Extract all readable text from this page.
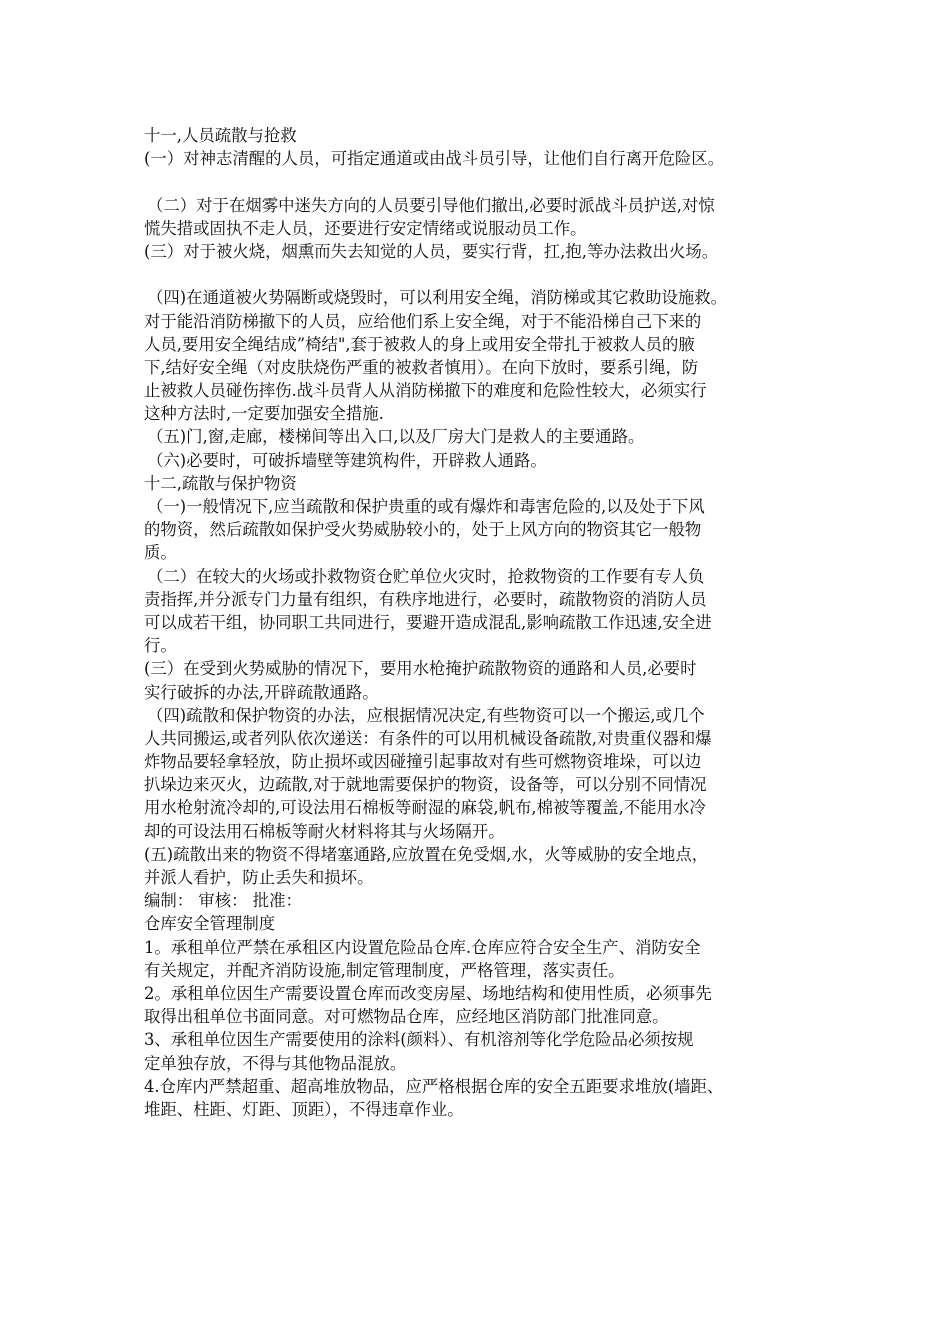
十一,人员疏散与抢救
(一）对神志清醒的人员，可指定通道或由战斗员引导，让他们自行离开危险区。
（二）对于在烟雾中迷失方向的人员要引导他们撤出,必要时派战斗员护送,对惊
慌失措或固执不走人员，还要进行安定情绪或说服动员工作。
(三）对于被火烧，烟熏而失去知觉的人员，要实行背，扛,抱,等办法救出火场。
（四)在通道被火势隔断或烧毁时，可以利用安全绳，消防梯或其它救助设施救。
对于能沿消防梯撤下的人员，应给他们系上安全绳，对于不能沿梯自己下来的
人员,要用安全绳结成”椅结",套于被救人的身上或用安全带扎于被救人员的腋
下,结好安全绳（对皮肤烧伤严重的被救者慎用）。在向下放时，要系引绳，防
止被救人员碰伤摔伤.战斗员背人从消防梯撤下的难度和危险性较大，必须实行
这种方法时,一定要加强安全措施.
（五)门,窗,走廊，楼梯间等出入口,以及厂房大门是救人的主要通路。
（六)必要时，可破拆墙壁等建筑构件，开辟救人通路。
十二,疏散与保护物资
（一)一般情况下,应当疏散和保护贵重的或有爆炸和毒害危险的,以及处于下风
的物资，然后疏散如保护受火势威胁较小的，处于上风方向的物资其它一般物
质。
（二）在较大的火场或扑救物资仓贮单位火灾时，抢救物资的工作要有专人负
责指挥,并分派专门力量有组织，有秩序地进行，必要时，疏散物资的消防人员
可以成若干组，协同职工共同进行，要避开造成混乱,影响疏散工作迅速,安全进
行。
(三）在受到火势威胁的情况下，要用水枪掩护疏散物资的通路和人员,必要时
实行破拆的办法,开辟疏散通路。
（四)疏散和保护物资的办法，应根据情况决定,有些物资可以一个搬运,或几个
人共同搬运,或者列队依次递送：有条件的可以用机械设备疏散,对贵重仪器和爆
炸物品要轻拿轻放，防止损坏或因碰撞引起事故对有些可燃物资堆垛，可以边
扒垛边来灭火，边疏散,对于就地需要保护的物资，设备等，可以分别不同情况
用水枪射流冷却的,可设法用石棉板等耐湿的麻袋,帆布,棉被等覆盖,不能用水冷
却的可设法用石棉板等耐火材料将其与火场隔开。
(五)疏散出来的物资不得堵塞通路,应放置在免受烟,水，火等威胁的安全地点，
并派人看护，防止丢失和损坏。
编制： 审核： 批准：
仓库安全管理制度
1。承租单位严禁在承租区内设置危险品仓库.仓库应符合安全生产、消防安全
有关规定，并配齐消防设施,制定管理制度，严格管理，落实责任。
2。承租单位因生产需要设置仓库而改变房屋、场地结构和使用性质，必须事先
取得出租单位书面同意。对可燃物品仓库，应经地区消防部门批准同意。
3、承租单位因生产需要使用的涂料(颜料）、有机溶剂等化学危险品必须按规
定单独存放，不得与其他物品混放。
4.仓库内严禁超重、超高堆放物品，应严格根据仓库的安全五距要求堆放(墙距、
堆距、柱距、灯距、顶距），不得违章作业。
